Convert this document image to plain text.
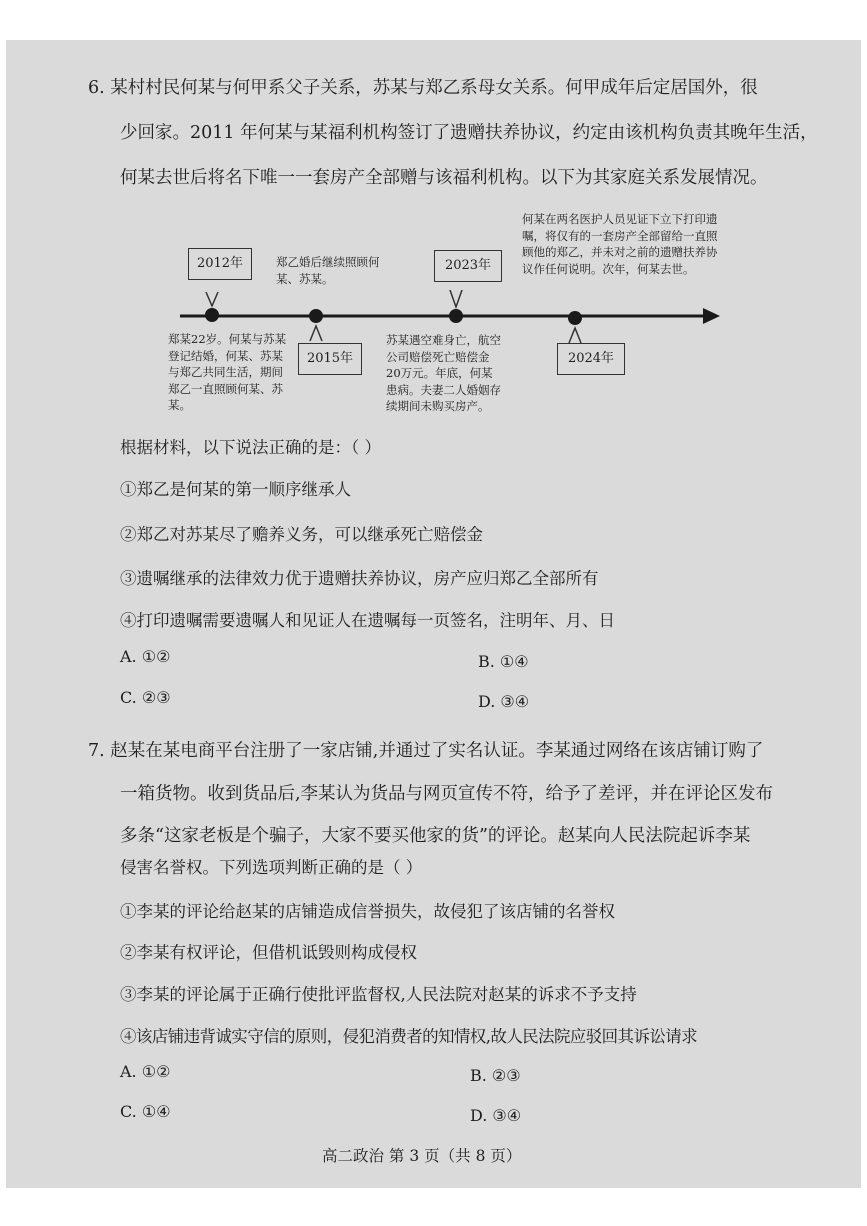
6. 某村村民何某与何甲系父子关系，苏某与郑乙系母女关系。何甲成年后定居国外，很
少回家。2011 年何某与某福利机构签订了遗赠扶养协议，约定由该机构负责其晚年生活，
何某去世后将名下唯一一套房产全部赠与该福利机构。以下为其家庭关系发展情况。
2012年
2015年
2023年
2024年
郑某22岁。何某与苏某登记结婚，何某、苏某与郑乙共同生活，期间郑乙一直照顾何某、苏某。
郑乙婚后继续照顾何某、苏某。
苏某遇空难身亡，航空公司赔偿死亡赔偿金20万元。年底，何某患病。夫妻二人婚姻存续期间未购买房产。
何某在两名医护人员见证下立下打印遗嘱，将仅有的一套房产全部留给一直照顾他的郑乙，并未对之前的遗赠扶养协议作任何说明。次年，何某去世。
根据材料，以下说法正确的是：（ ）
①郑乙是何某的第一顺序继承人
②郑乙对苏某尽了赡养义务，可以继承死亡赔偿金
③遗嘱继承的法律效力优于遗赠扶养协议，房产应归郑乙全部所有
④打印遗嘱需要遗嘱人和见证人在遗嘱每一页签名，注明年、月、日
A. ①②	B. ①④
C. ②③	D. ③④
7. 赵某在某电商平台注册了一家店铺,并通过了实名认证。李某通过网络在该店铺订购了
一箱货物。收到货品后,李某认为货品与网页宣传不符，给予了差评，并在评论区发布
多条“这家老板是个骗子，大家不要买他家的货”的评论。赵某向人民法院起诉李某
侵害名誉权。下列选项判断正确的是（ ）
①李某的评论给赵某的店铺造成信誉损失，故侵犯了该店铺的名誉权
②李某有权评论，但借机诋毁则构成侵权
③李某的评论属于正确行使批评监督权,人民法院对赵某的诉求不予支持
④该店铺违背诚实守信的原则，侵犯消费者的知情权,故人民法院应驳回其诉讼请求
A. ①②	B. ②③
C. ①④	D. ③④
高二政治 第 3 页（共 8 页）
